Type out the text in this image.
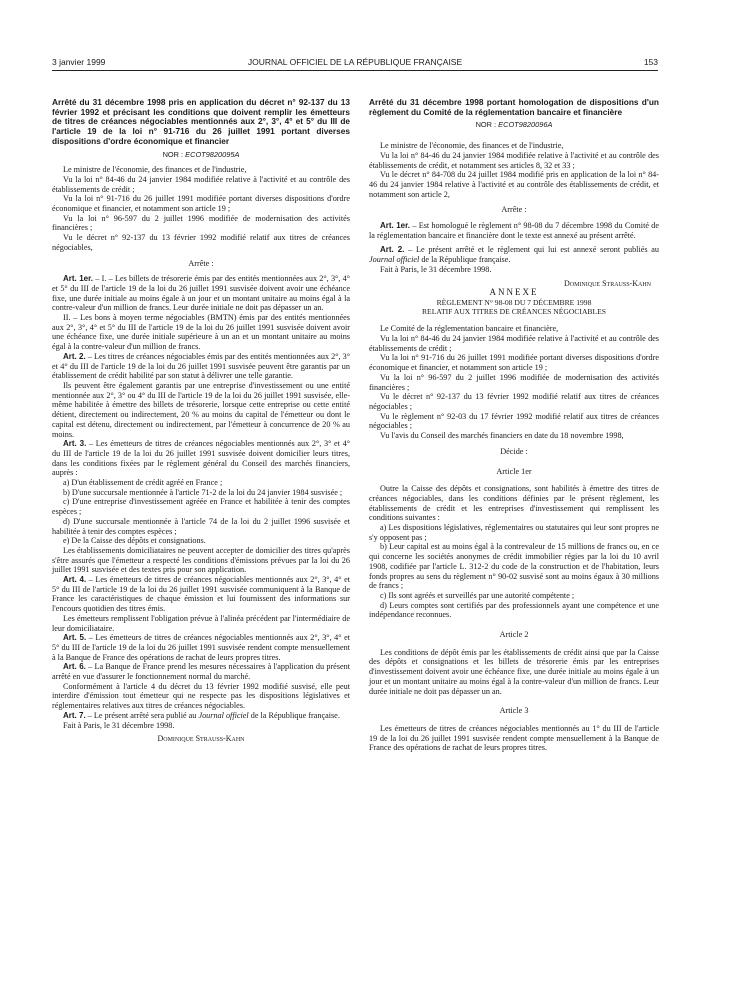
3 janvier 1999	JOURNAL OFFICIEL DE LA RÉPUBLIQUE FRANÇAISE	153
Arrêté du 31 décembre 1998 pris en application du décret n° 92-137 du 13 février 1992 et précisant les conditions que doivent remplir les émetteurs de titres de créances négociables mentionnés aux 2°, 3°, 4° et 5° du III de l'article 19 de la loi n° 91-716 du 26 juillet 1991 portant diverses dispositions d'ordre économique et financier
NOR : ECOT9820095A

Le ministre de l'économie, des finances et de l'industrie,

Vu la loi n° 84-46 du 24 janvier 1984 modifiée relative à l'activité et au contrôle des établissements de crédit ;

Vu la loi n° 91-716 du 26 juillet 1991 modifiée portant diverses dispositions d'ordre économique et financier, et notamment son article 19 ;

Vu la loi n° 96-597 du 2 juillet 1996 modifiée de modernisation des activités financières ;

Vu le décret n° 92-137 du 13 février 1992 modifié relatif aux titres de créances négociables,

Arrête :

Art. 1er. – I. – Les billets de trésorerie émis par des entités mentionnées aux 2°, 3°, 4° et 5° du III de l'article 19 de la loi du 26 juillet 1991 susvisée doivent avoir une échéance fixe, une durée initiale au moins égale à un jour et un montant unitaire au moins égal à la contre-valeur d'un million de francs. Leur durée initiale ne doit pas dépasser un an.

II. – Les bons à moyen terme négociables (BMTN) émis par des entités mentionnées aux 2°, 3°, 4° et 5° du III de l'article 19 de la loi du 26 juillet 1991 susvisée doivent avoir une échéance fixe, une durée initiale supérieure à un an et un montant unitaire au moins égal à la contre-valeur d'un million de francs.

Art. 2. – Les titres de créances négociables émis par des entités mentionnées aux 2°, 3° et 4° du III de l'article 19 de la loi du 26 juillet 1991 susvisée peuvent être garantis par un établissement de crédit habilité par son statut à délivrer une telle garantie.

Ils peuvent être également garantis par une entreprise d'investissement ou une entité mentionnée aux 2°, 3° ou 4° du III de l'article 19 de la loi du 26 juillet 1991 susvisée, elle-même habilitée à émettre des billets de trésorerie, lorsque cette entreprise ou cette entité détient, directement ou indirectement, 20 % au moins du capital de l'émetteur ou dont le capital est détenu, directement ou indirectement, par l'émetteur à concurrence de 20 % au moins.

Art. 3. – Les émetteurs de titres de créances négociables mentionnés aux 2°, 3° et 4° du III de l'article 19 de la loi du 26 juillet 1991 susvisée doivent domicilier leurs titres, dans les conditions fixées par le règlement général du Conseil des marchés financiers, auprès :

a) D'un établissement de crédit agréé en France ;

b) D'une succursale mentionnée à l'article 71-2 de la loi du 24 janvier 1984 susvisée ;

c) D'une entreprise d'investissement agréée en France et habilitée à tenir des comptes espèces ;

d) D'une succursale mentionnée à l'article 74 de la loi du 2 juillet 1996 susvisée et habilitée à tenir des comptes espèces ;

e) De la Caisse des dépôts et consignations.

Les établissements domiciliataires ne peuvent accepter de domicilier des titres qu'après s'être assurés que l'émetteur a respecté les conditions d'émissions prévues par la loi du 26 juillet 1991 susvisée et des textes pris pour son application.

Art. 4. – Les émetteurs de titres de créances négociables mentionnés aux 2°, 3°, 4° et 5° du III de l'article 19 de la loi du 26 juillet 1991 susvisée communiquent à la Banque de France les caractéristiques de chaque émission et lui fournissent des informations sur l'encours quotidien des titres émis.

Les émetteurs remplissent l'obligation prévue à l'alinéa précédent par l'intermédiaire de leur domiciliataire.

Art. 5. – Les émetteurs de titres de créances négociables mentionnés aux 2°, 3°, 4° et 5° du III de l'article 19 de la loi du 26 juillet 1991 susvisée rendent compte mensuellement à la Banque de France des opérations de rachat de leurs propres titres.

Art. 6. – La Banque de France prend les mesures nécessaires à l'application du présent arrêté en vue d'assurer le fonctionnement normal du marché.

Conformément à l'article 4 du décret du 13 février 1992 modifié susvisé, elle peut interdire d'émission tout émetteur qui ne respecte pas les dispositions législatives et réglementaires relatives aux titres de créances négociables.

Art. 7. – Le présent arrêté sera publié au Journal officiel de la République française.

Fait à Paris, le 31 décembre 1998.

Dominique Strauss-Kahn

Arrêté du 31 décembre 1998 portant homologation de dispositions d'un règlement du Comité de la réglementation bancaire et financière
NOR : ECOT9820096A

Le ministre de l'économie, des finances et de l'industrie,

Vu la loi n° 84-46 du 24 janvier 1984 modifiée relative à l'activité et au contrôle des établissements de crédit, et notamment ses articles 8, 32 et 33 ;

Vu le décret n° 84-708 du 24 juillet 1984 modifié pris en application de la loi n° 84-46 du 24 janvier 1984 relative à l'activité et au contrôle des établissements de crédit, et notamment son article 2,

Arrête :

Art. 1er. – Est homologué le règlement n° 98-08 du 7 décembre 1998 du Comité de la réglementation bancaire et financière dont le texte est annexé au présent arrêté.

Art. 2. – Le présent arrêté et le règlement qui lui est annexé seront publiés au Journal officiel de la République française.

Fait à Paris, le 31 décembre 1998.

Dominique Strauss-Kahn

ANNEXE

RÈGLEMENT N° 98-08 DU 7 DÉCEMBRE 1998
RELATIF AUX TITRES DE CRÉANCES NÉGOCIABLES

Le Comité de la réglementation bancaire et financière,

Vu la loi n° 84-46 du 24 janvier 1984 modifiée relative à l'activité et au contrôle des établissements de crédit ;

Vu la loi n° 91-716 du 26 juillet 1991 modifiée portant diverses dispositions d'ordre économique et financier, et notamment son article 19 ;

Vu la loi n° 96-597 du 2 juillet 1996 modifiée de modernisation des activités financières ;

Vu le décret n° 92-137 du 13 février 1992 modifié relatif aux titres de créances négociables ;

Vu le règlement n° 92-03 du 17 février 1992 modifié relatif aux titres de créances négociables ;

Vu l'avis du Conseil des marchés financiers en date du 18 novembre 1998,

Décide :

Article 1er

Outre la Caisse des dépôts et consignations, sont habilités à émettre des titres de créances négociables, dans les conditions définies par le présent règlement, les établissements de crédit et les entreprises d'investissement qui remplissent les conditions suivantes :

a) Les dispositions législatives, réglementaires ou statutaires qui leur sont propres ne s'y opposent pas ;

b) Leur capital est au moins égal à la contrevaleur de 15 millions de francs ou, en ce qui concerne les sociétés anonymes de crédit immobilier régies par la loi du 10 avril 1908, codifiée par l'article L. 312-2 du code de la construction et de l'habitation, leurs fonds propres au sens du règlement n° 90-02 susvisé sont au moins égaux à 30 millions de francs ;

c) Ils sont agréés et surveillés par une autorité compétente ;

d) Leurs comptes sont certifiés par des professionnels ayant une compétence et une indépendance reconnues.

Article 2

Les conditions de dépôt émis par les établissements de crédit ainsi que par la Caisse des dépôts et consignations et les billets de trésorerie émis par les entreprises d'investissement doivent avoir une échéance fixe, une durée initiale au moins égale à un jour et un montant unitaire au moins égal à la contre-valeur d'un million de francs. Leur durée initiale ne doit pas dépasser un an.

Article 3

Les émetteurs de titres de créances négociables mentionnés au 1° du III de l'article 19 de la loi du 26 juillet 1991 susvisée rendent compte mensuellement à la Banque de France des opérations de rachat de leurs propres titres.
